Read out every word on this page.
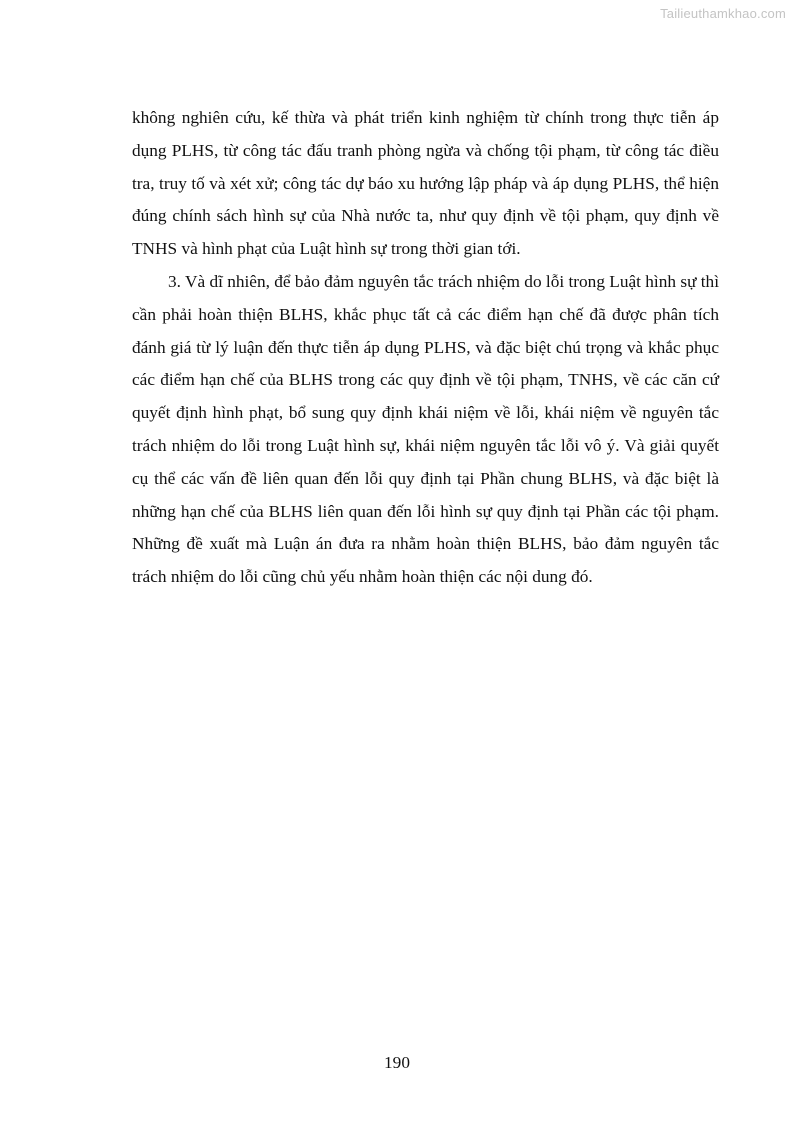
Tailieuthamkhao.com

không nghiên cứu, kế thừa và phát triển kinh nghiệm từ chính trong thực tiễn áp dụng PLHS, từ công tác đấu tranh phòng ngừa và chống tội phạm, từ công tác điều tra, truy tố và xét xử; công tác dự báo xu hướng lập pháp và áp dụng PLHS, thể hiện đúng chính sách hình sự của Nhà nước ta, như quy định về tội phạm, quy định về TNHS và hình phạt của Luật hình sự trong thời gian tới.

3. Và dĩ nhiên, để bảo đảm nguyên tắc trách nhiệm do lỗi trong Luật hình sự thì cần phải hoàn thiện BLHS, khắc phục tất cả các điểm hạn chế đã được phân tích đánh giá từ lý luận đến thực tiễn áp dụng PLHS, và đặc biệt chú trọng và khắc phục các điểm hạn chế của BLHS trong các quy định về tội phạm, TNHS, về các căn cứ quyết định hình phạt, bổ sung quy định khái niệm về lỗi, khái niệm về nguyên tắc trách nhiệm do lỗi trong Luật hình sự, khái niệm nguyên tắc lỗi vô ý. Và giải quyết cụ thể các vấn đề liên quan đến lỗi quy định tại Phần chung BLHS, và đặc biệt là những hạn chế của BLHS liên quan đến lỗi hình sự quy định tại Phần các tội phạm. Những đề xuất mà Luận án đưa ra nhằm hoàn thiện BLHS, bảo đảm nguyên tắc trách nhiệm do lỗi cũng chủ yếu nhằm hoàn thiện các nội dung đó.

190
